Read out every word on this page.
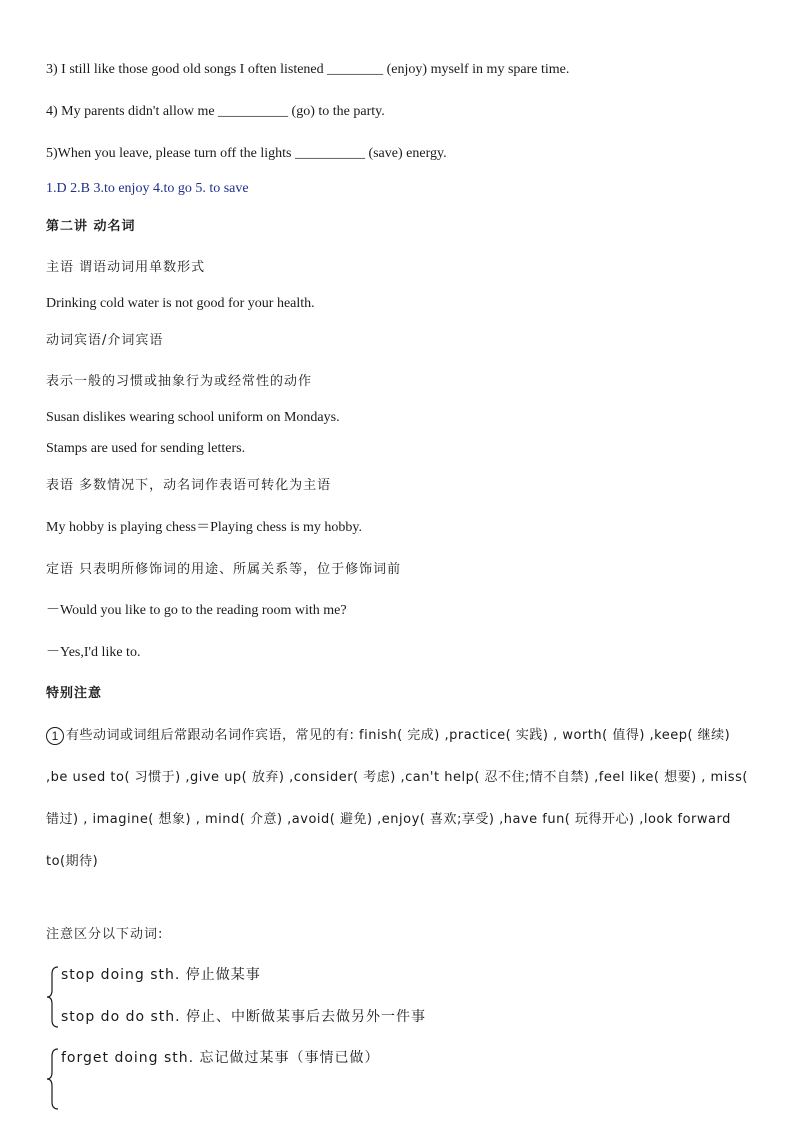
3) I still like those good old songs I often listened ________ (enjoy) myself in my spare time.
4) My parents didn't allow me __________ (go) to the party.
5)When you leave, please turn off the lights __________ (save) energy.
1.D 2.B 3.to enjoy 4.to go 5. to save
第二讲 动名词
主语 谓语动词用单数形式
Drinking cold water is not good for your health.
动词宾语/介词宾语
表示一般的习惯或抽象行为或经常性的动作
Susan dislikes wearing school uniform on Mondays.
Stamps are used for sending letters.
表语 多数情况下，动名词作表语可转化为主语
My hobby is playing chess＝Playing chess is my hobby.
定语 只表明所修饰词的用途、所属关系等，位于修饰词前
－Would you like to go to the reading room with me?
－Yes,I'd like to.
特别注意
1 有些动词或词组后常跟动名词作宾语，常见的有: finish( 完成) ,practice( 实践) , worth( 值得) ,keep( 继续) ,be used to( 习惯于) ,give up( 放弃) ,consider( 考虑) ,can't help( 忍不住;情不自禁) ,feel like( 想要) , miss( 错过) , imagine( 想象) , mind( 介意) ,avoid( 避免) ,enjoy( 喜欢;享受) ,have fun( 玩得开心) ,look forward to(期待)
注意区分以下动词:
stop doing sth. 停止做某事
stop do do sth. 停止、中断做某事后去做另外一件事
forget doing sth. 忘记做过某事（事情已做）
